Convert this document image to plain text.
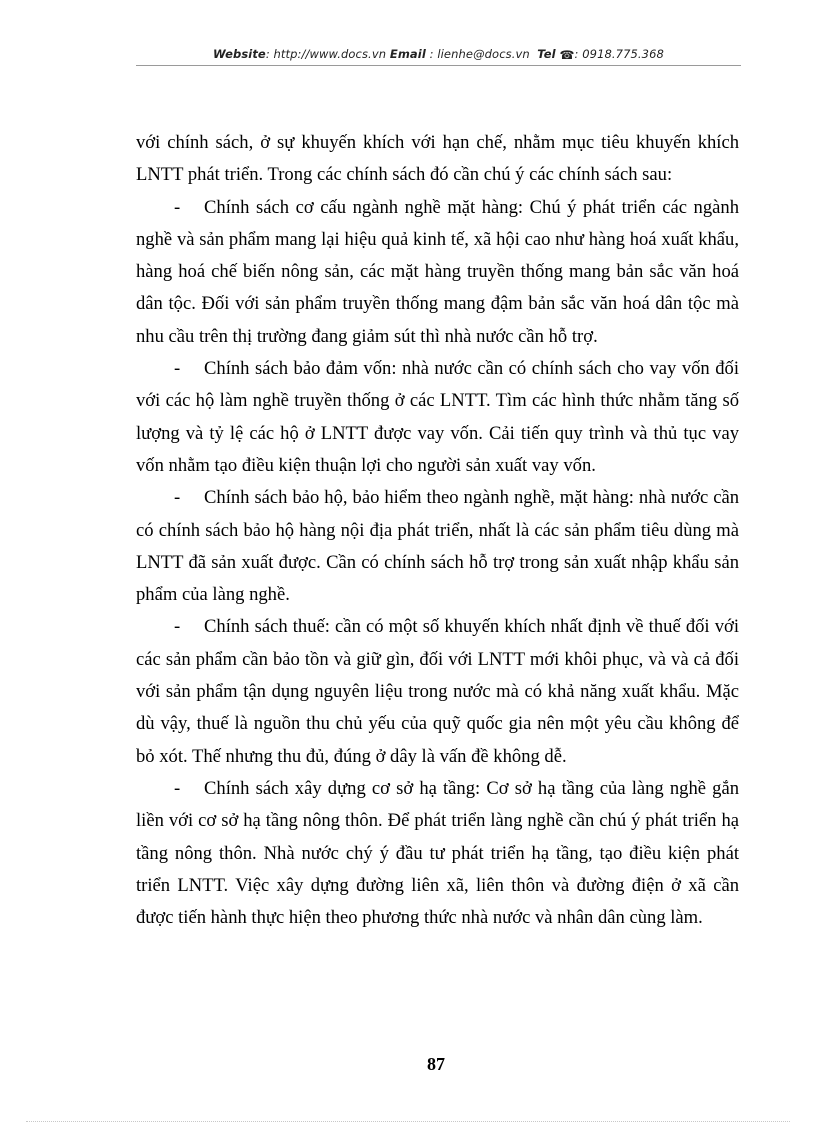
Website: http://www.docs.vn Email : lienhe@docs.vn Tel ☎: 0918.775.368

với chính sách, ở sự khuyến khích với hạn chế, nhằm mục tiêu khuyến khích LNTT phát triển. Trong các chính sách đó cần chú ý các chính sách sau:

- Chính sách cơ cấu ngành nghề mặt hàng: Chú ý phát triển các ngành nghề và sản phẩm mang lại hiệu quả kinh tế, xã hội cao như hàng hoá xuất khẩu, hàng hoá chế biến nông sản, các mặt hàng truyền thống mang bản sắc văn hoá dân tộc. Đối với sản phẩm truyền thống mang đậm bản sắc văn hoá dân tộc mà nhu cầu trên thị trường đang giảm sút thì nhà nước cần hỗ trợ.

- Chính sách bảo đảm vốn: nhà nước cần có chính sách cho vay vốn đối với các hộ làm nghề truyền thống ở các LNTT. Tìm các hình thức nhằm tăng số lượng và tỷ lệ các hộ ở LNTT được vay vốn. Cải tiến quy trình và thủ tục vay vốn nhằm tạo điều kiện thuận lợi cho người sản xuất vay vốn.

- Chính sách bảo hộ, bảo hiểm theo ngành nghề, mặt hàng: nhà nước cần có chính sách bảo hộ hàng nội địa phát triển, nhất là các sản phẩm tiêu dùng mà LNTT đã sản xuất được. Cần có chính sách hỗ trợ trong sản xuất nhập khẩu sản phẩm của làng nghề.

- Chính sách thuế: cần có một số khuyến khích nhất định về thuế đối với các sản phẩm cần bảo tồn và giữ gìn, đối với LNTT mới khôi phục, và và cả đối với sản phẩm tận dụng nguyên liệu trong nước mà có khả năng xuất khẩu. Mặc dù vậy, thuế là nguồn thu chủ yếu của quỹ quốc gia nên một yêu cầu không để bỏ xót. Thế nhưng thu đủ, đúng ở dây là vấn đề không dễ.

- Chính sách xây dựng cơ sở hạ tầng: Cơ sở hạ tầng của làng nghề gắn liền với cơ sở hạ tầng nông thôn. Để phát triển làng nghề cần chú ý phát triển hạ tầng nông thôn. Nhà nước chý ý đầu tư phát triển hạ tầng, tạo điều kiện phát triển LNTT. Việc xây dựng đường liên xã, liên thôn và đường điện ở xã cần được tiến hành thực hiện theo phương thức nhà nước và nhân dân cùng làm.

87
